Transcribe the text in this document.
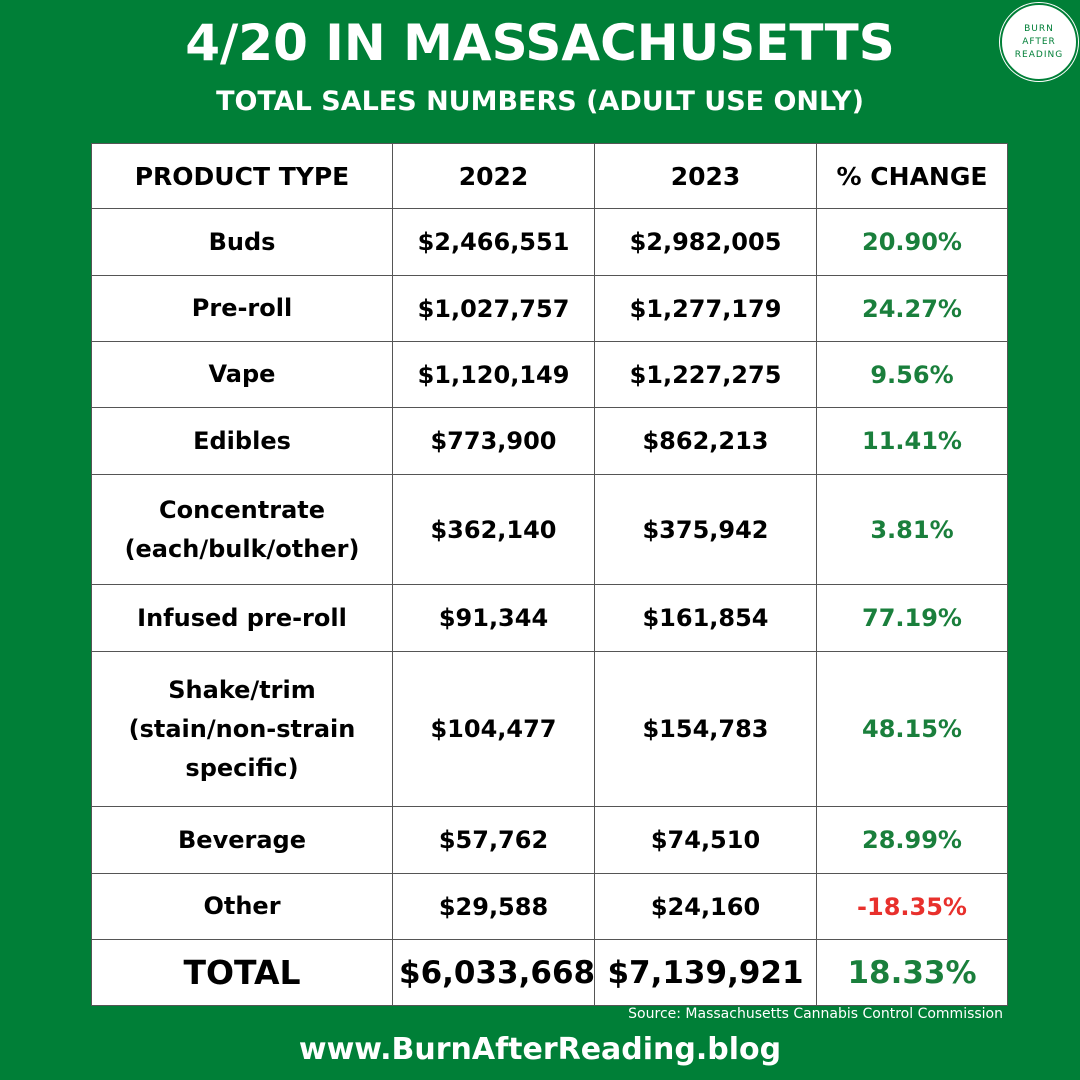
4/20 IN MASSACHUSETTS
TOTAL SALES NUMBERS (ADULT USE ONLY)
BURN
AFTER
READING
PRODUCT TYPE	2022	2023	% CHANGE
Buds	$2,466,551	$2,982,005	20.90%
Pre-roll	$1,027,757	$1,277,179	24.27%
Vape	$1,120,149	$1,227,275	9.56%
Edibles	$773,900	$862,213	11.41%
Concentrate (each/bulk/other)	$362,140	$375,942	3.81%
Infused pre-roll	$91,344	$161,854	77.19%
Shake/trim (stain/non-strain specific)	$104,477	$154,783	48.15%
Beverage	$57,762	$74,510	28.99%
Other	$29,588	$24,160	-18.35%
TOTAL	$6,033,668	$7,139,921	18.33%
Source: Massachusetts Cannabis Control Commission
www.BurnAfterReading.blog
